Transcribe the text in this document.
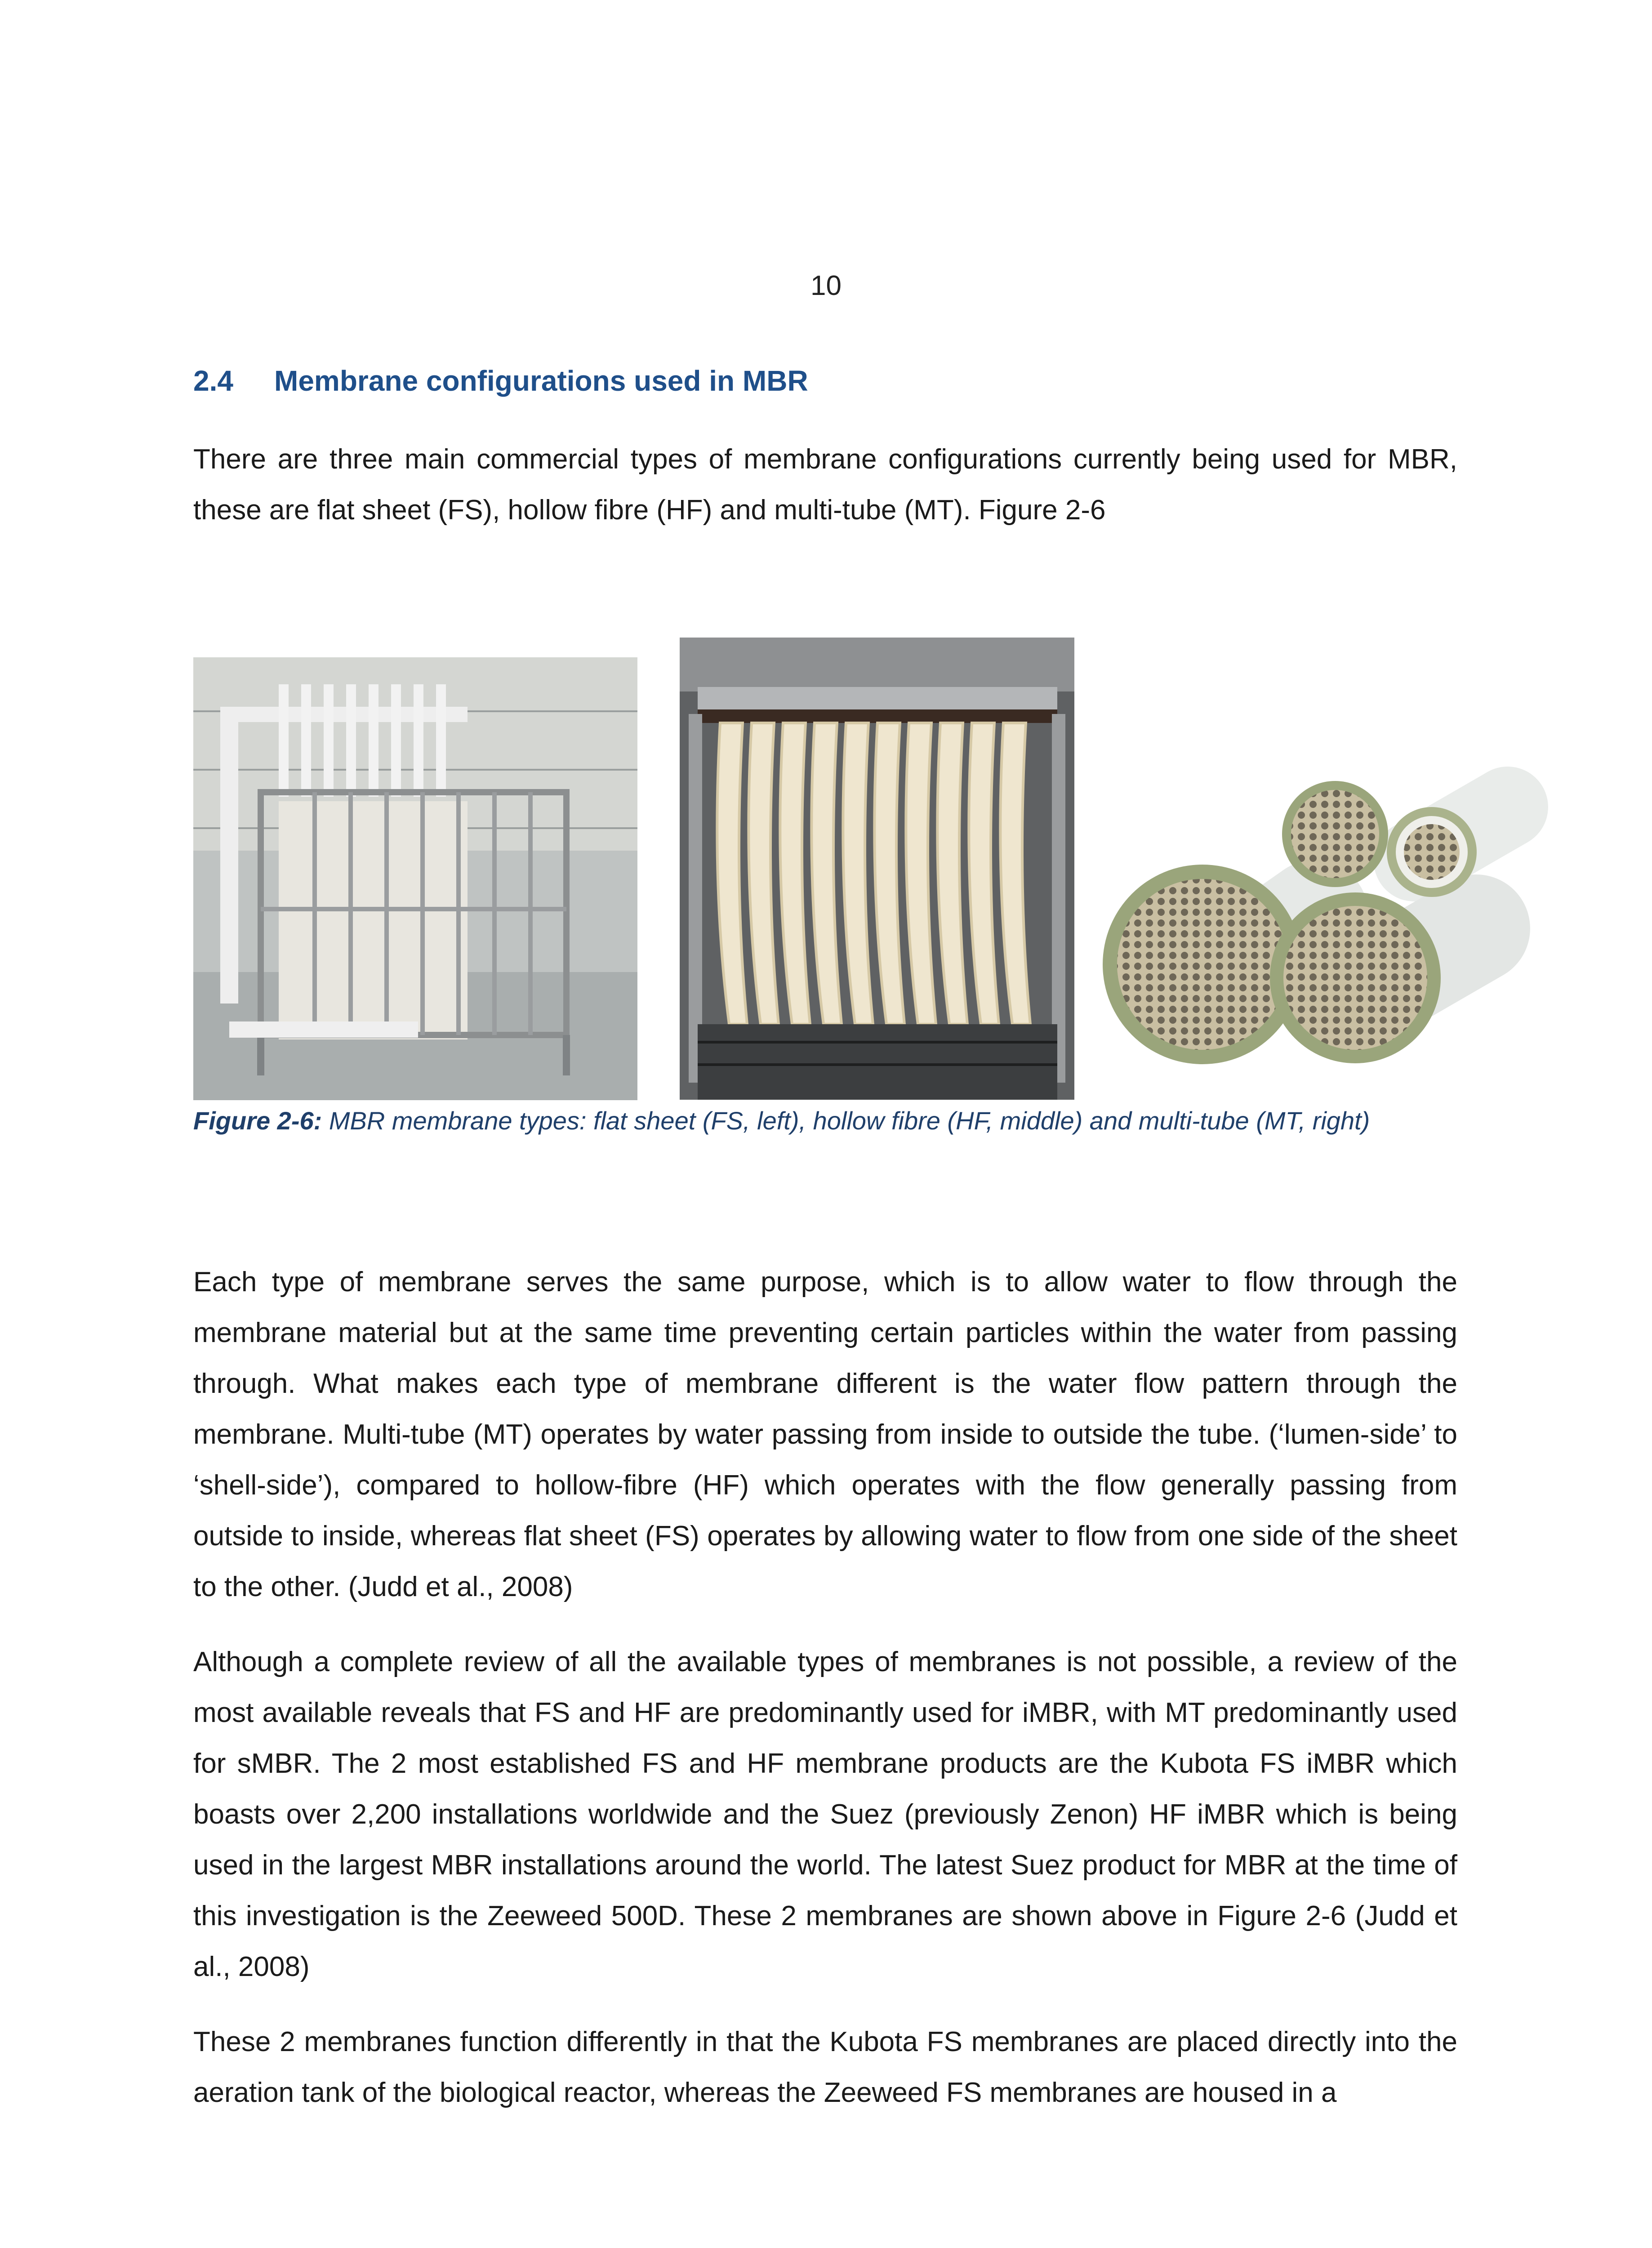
10
2.4 Membrane configurations used in MBR

There are three main commercial types of membrane configurations currently being used for MBR, these are flat sheet (FS), hollow fibre (HF) and multi-tube (MT). Figure 2-6

Figure 2-6: MBR membrane types: flat sheet (FS, left), hollow fibre (HF, middle) and multi-tube (MT, right)

Each type of membrane serves the same purpose, which is to allow water to flow through the membrane material but at the same time preventing certain particles within the water from passing through. What makes each type of membrane different is the water flow pattern through the membrane. Multi-tube (MT) operates by water passing from inside to outside the tube. (‘lumen-side’ to ‘shell-side’), compared to hollow-fibre (HF) which operates with the flow generally passing from outside to inside, whereas flat sheet (FS) operates by allowing water to flow from one side of the sheet to the other. (Judd et al., 2008)

Although a complete review of all the available types of membranes is not possible, a review of the most available reveals that FS and HF are predominantly used for iMBR, with MT predominantly used for sMBR. The 2 most established FS and HF membrane products are the Kubota FS iMBR which boasts over 2,200 installations worldwide and the Suez (previously Zenon) HF iMBR which is being used in the largest MBR installations around the world. The latest Suez product for MBR at the time of this investigation is the Zeeweed 500D. These 2 membranes are shown above in Figure 2-6 (Judd et al., 2008)

These 2 membranes function differently in that the Kubota FS membranes are placed directly into the aeration tank of the biological reactor, whereas the Zeeweed FS membranes are housed in a
